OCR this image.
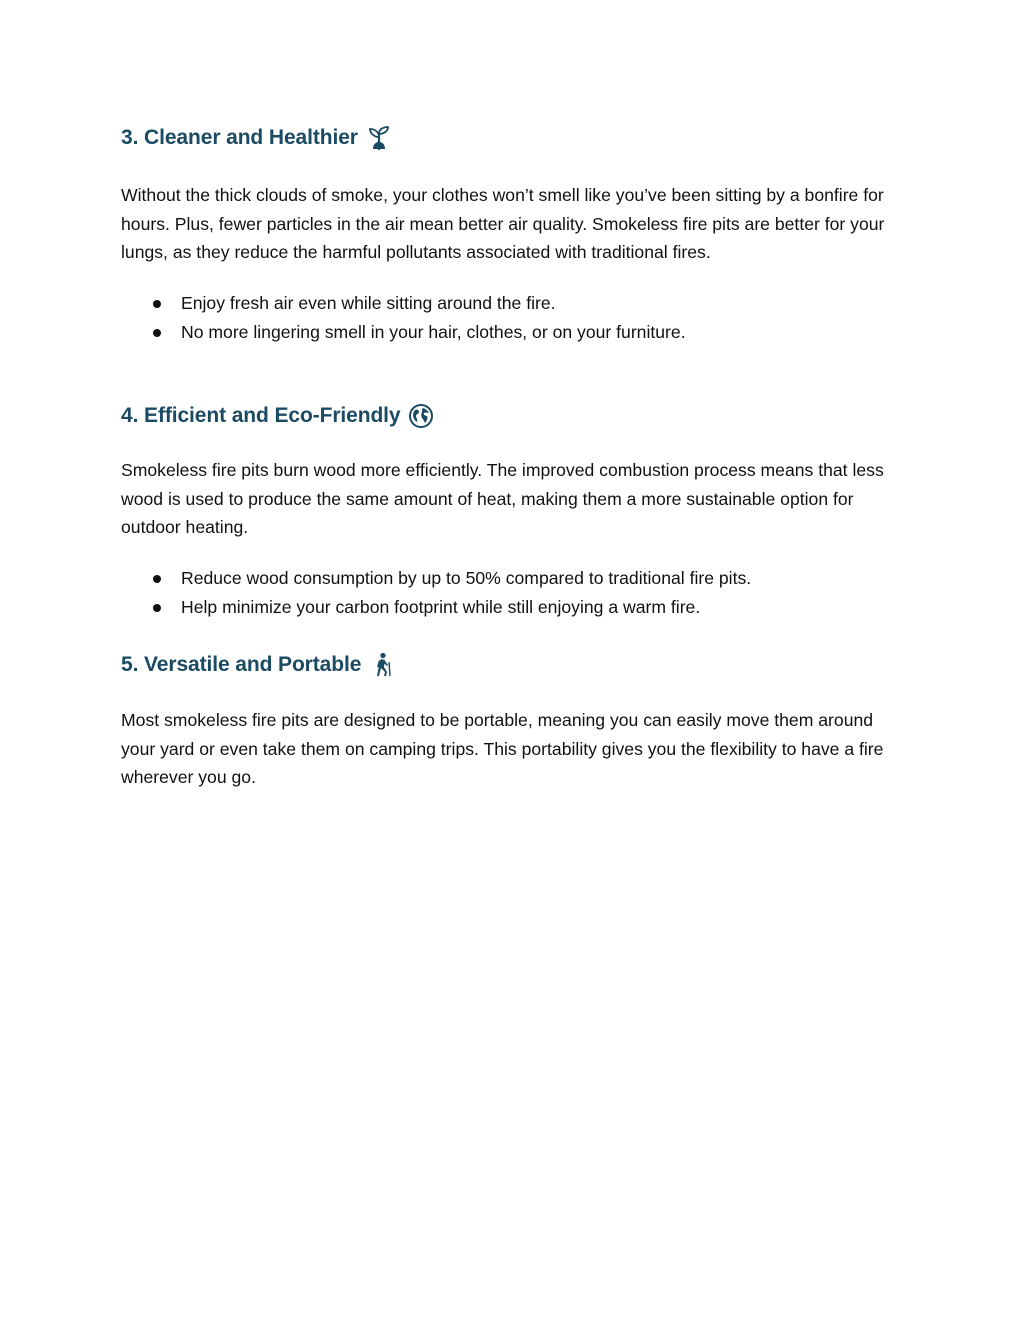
3. Cleaner and Healthier

Without the thick clouds of smoke, your clothes won’t smell like you’ve been sitting by a bonfire for hours. Plus, fewer particles in the air mean better air quality. Smokeless fire pits are better for your lungs, as they reduce the harmful pollutants associated with traditional fires.

Enjoy fresh air even while sitting around the fire.
No more lingering smell in your hair, clothes, or on your furniture.
4. Efficient and Eco-Friendly

Smokeless fire pits burn wood more efficiently. The improved combustion process means that less wood is used to produce the same amount of heat, making them a more sustainable option for outdoor heating.

Reduce wood consumption by up to 50% compared to traditional fire pits.
Help minimize your carbon footprint while still enjoying a warm fire.
5. Versatile and Portable

Most smokeless fire pits are designed to be portable, meaning you can easily move them around your yard or even take them on camping trips. This portability gives you the flexibility to have a fire wherever you go.
